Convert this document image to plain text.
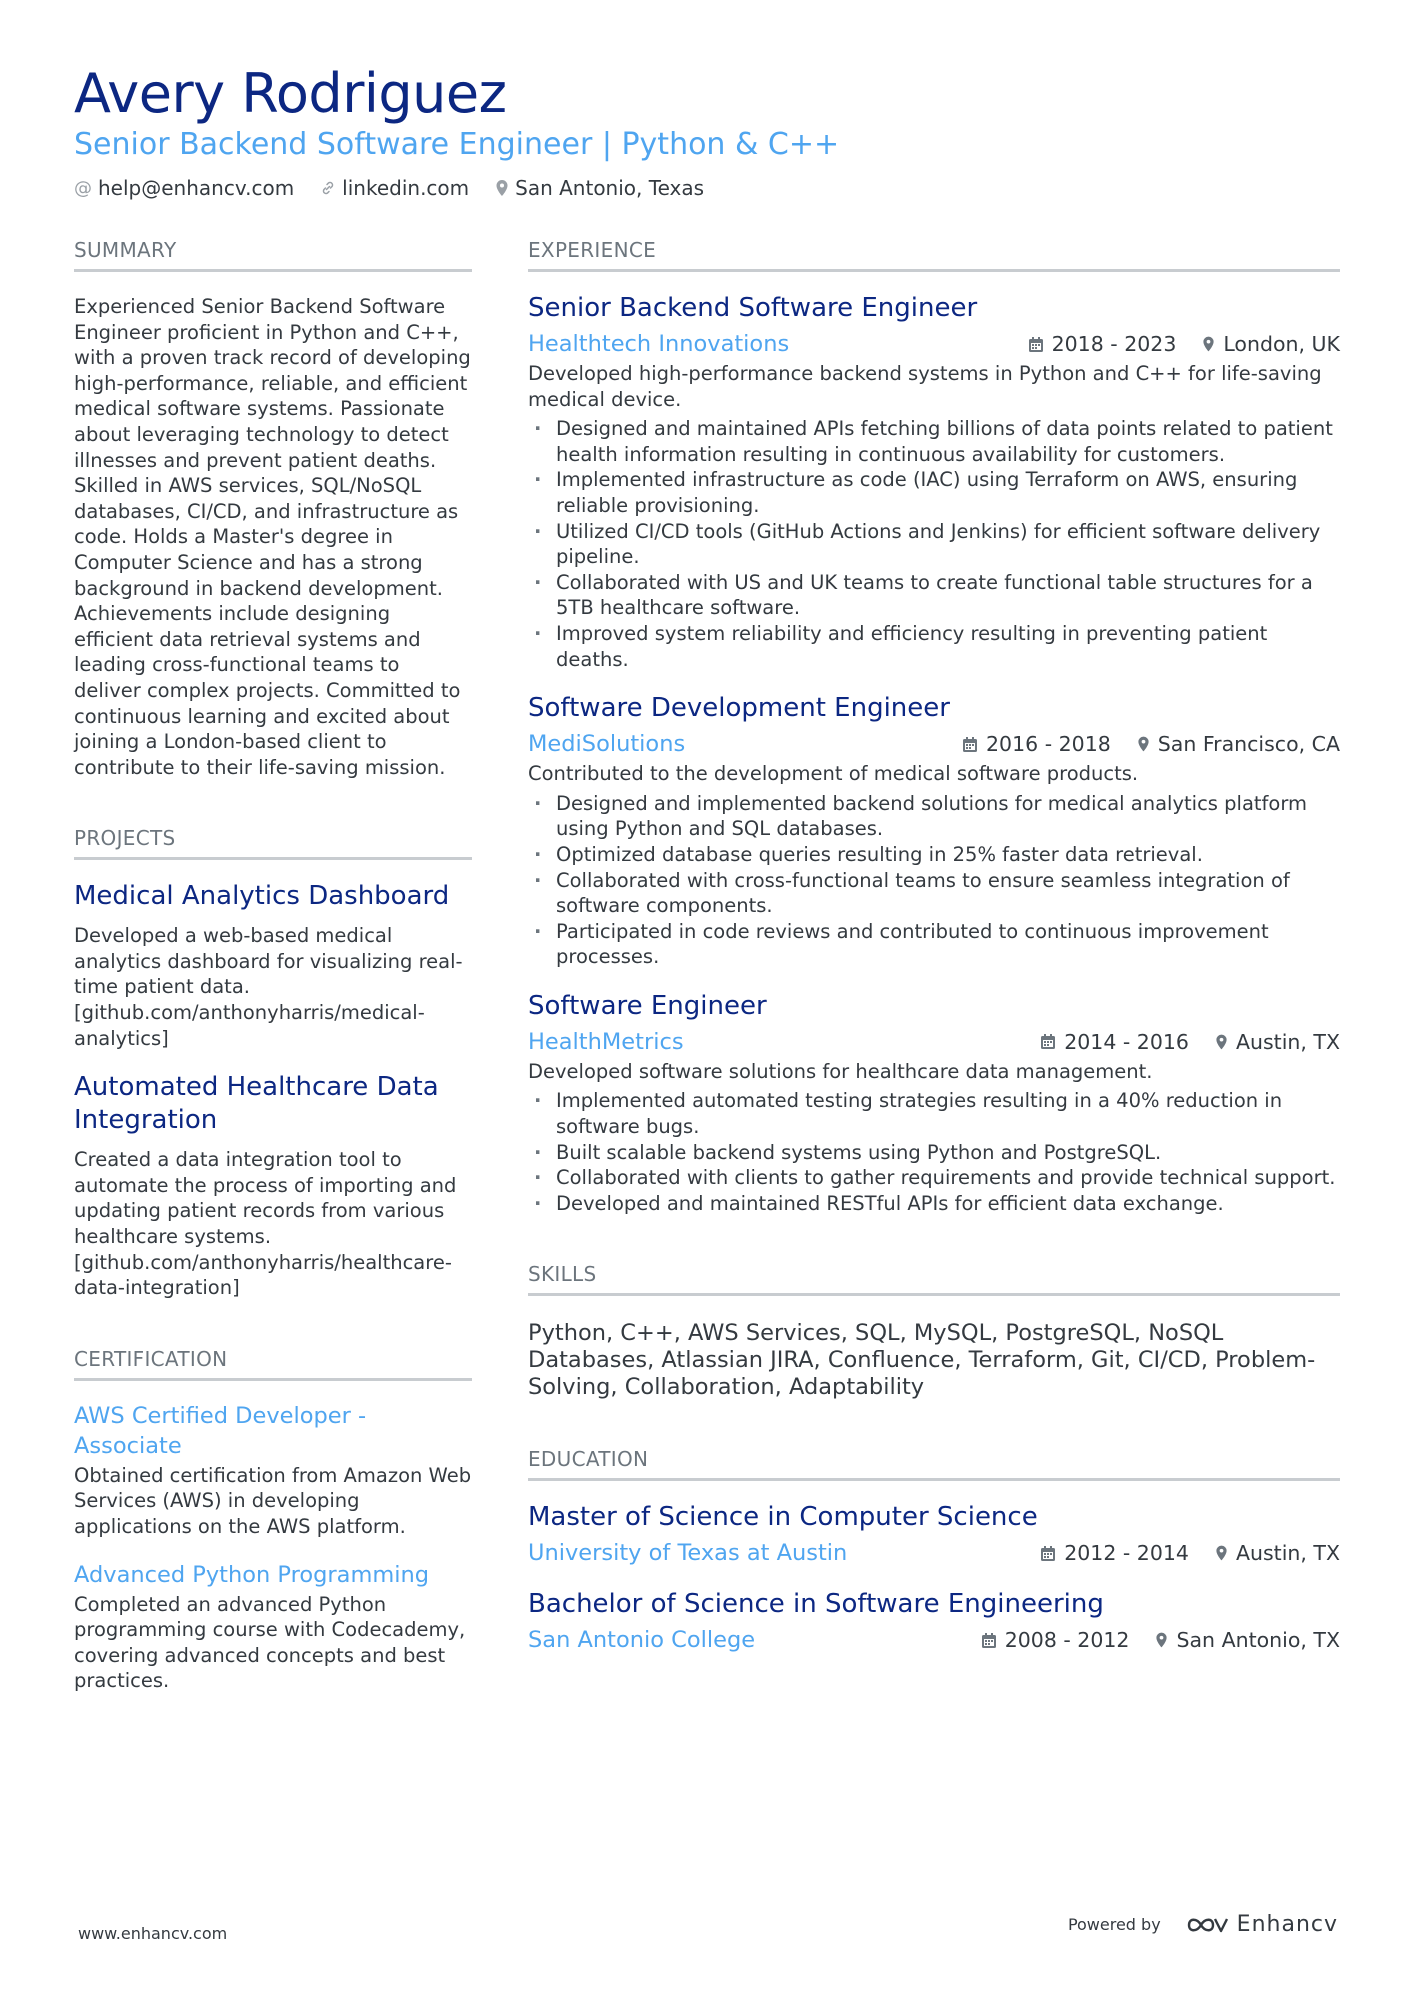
Avery Rodriguez
Senior Backend Software Engineer | Python & C++
@ help@enhancv.com linkedin.com San Antonio, Texas
SUMMARY
Experienced Senior Backend Software Engineer proficient in Python and C++, with a proven track record of developing high-performance, reliable, and efficient medical software systems. Passionate about leveraging technology to detect illnesses and prevent patient deaths. Skilled in AWS services, SQL/NoSQL databases, CI/CD, and infrastructure as code. Holds a Master's degree in Computer Science and has a strong background in backend development. Achievements include designing efficient data retrieval systems and leading cross-functional teams to deliver complex projects. Committed to continuous learning and excited about joining a London-based client to contribute to their life-saving mission.
PROJECTS
Medical Analytics Dashboard
Developed a web-based medical analytics dashboard for visualizing real-time patient data. [github.com/anthonyharris/medical-analytics]
Automated Healthcare Data Integration
Created a data integration tool to automate the process of importing and updating patient records from various healthcare systems. [github.com/anthonyharris/healthcare-data-integration]
CERTIFICATION
AWS Certified Developer - Associate
Obtained certification from Amazon Web Services (AWS) in developing applications on the AWS platform.
Advanced Python Programming
Completed an advanced Python programming course with Codecademy, covering advanced concepts and best practices.
EXPERIENCE
Senior Backend Software Engineer
Healthtech Innovations	2018 - 2023 London, UK
Developed high-performance backend systems in Python and C++ for life-saving medical device.
· Designed and maintained APIs fetching billions of data points related to patient health information resulting in continuous availability for customers.
· Implemented infrastructure as code (IAC) using Terraform on AWS, ensuring reliable provisioning.
· Utilized CI/CD tools (GitHub Actions and Jenkins) for efficient software delivery pipeline.
· Collaborated with US and UK teams to create functional table structures for a 5TB healthcare software.
· Improved system reliability and efficiency resulting in preventing patient deaths.
Software Development Engineer
MediSolutions	2016 - 2018 San Francisco, CA
Contributed to the development of medical software products.
· Designed and implemented backend solutions for medical analytics platform using Python and SQL databases.
· Optimized database queries resulting in 25% faster data retrieval.
· Collaborated with cross-functional teams to ensure seamless integration of software components.
· Participated in code reviews and contributed to continuous improvement processes.
Software Engineer
HealthMetrics	2014 - 2016 Austin, TX
Developed software solutions for healthcare data management.
· Implemented automated testing strategies resulting in a 40% reduction in software bugs.
· Built scalable backend systems using Python and PostgreSQL.
· Collaborated with clients to gather requirements and provide technical support.
· Developed and maintained RESTful APIs for efficient data exchange.
SKILLS
Python, C++, AWS Services, SQL, MySQL, PostgreSQL, NoSQL Databases, Atlassian JIRA, Confluence, Terraform, Git, CI/CD, Problem-Solving, Collaboration, Adaptability
EDUCATION
Master of Science in Computer Science
University of Texas at Austin	2012 - 2014 Austin, TX
Bachelor of Science in Software Engineering
San Antonio College	2008 - 2012 San Antonio, TX
www.enhancv.com	Powered by	Enhancv
